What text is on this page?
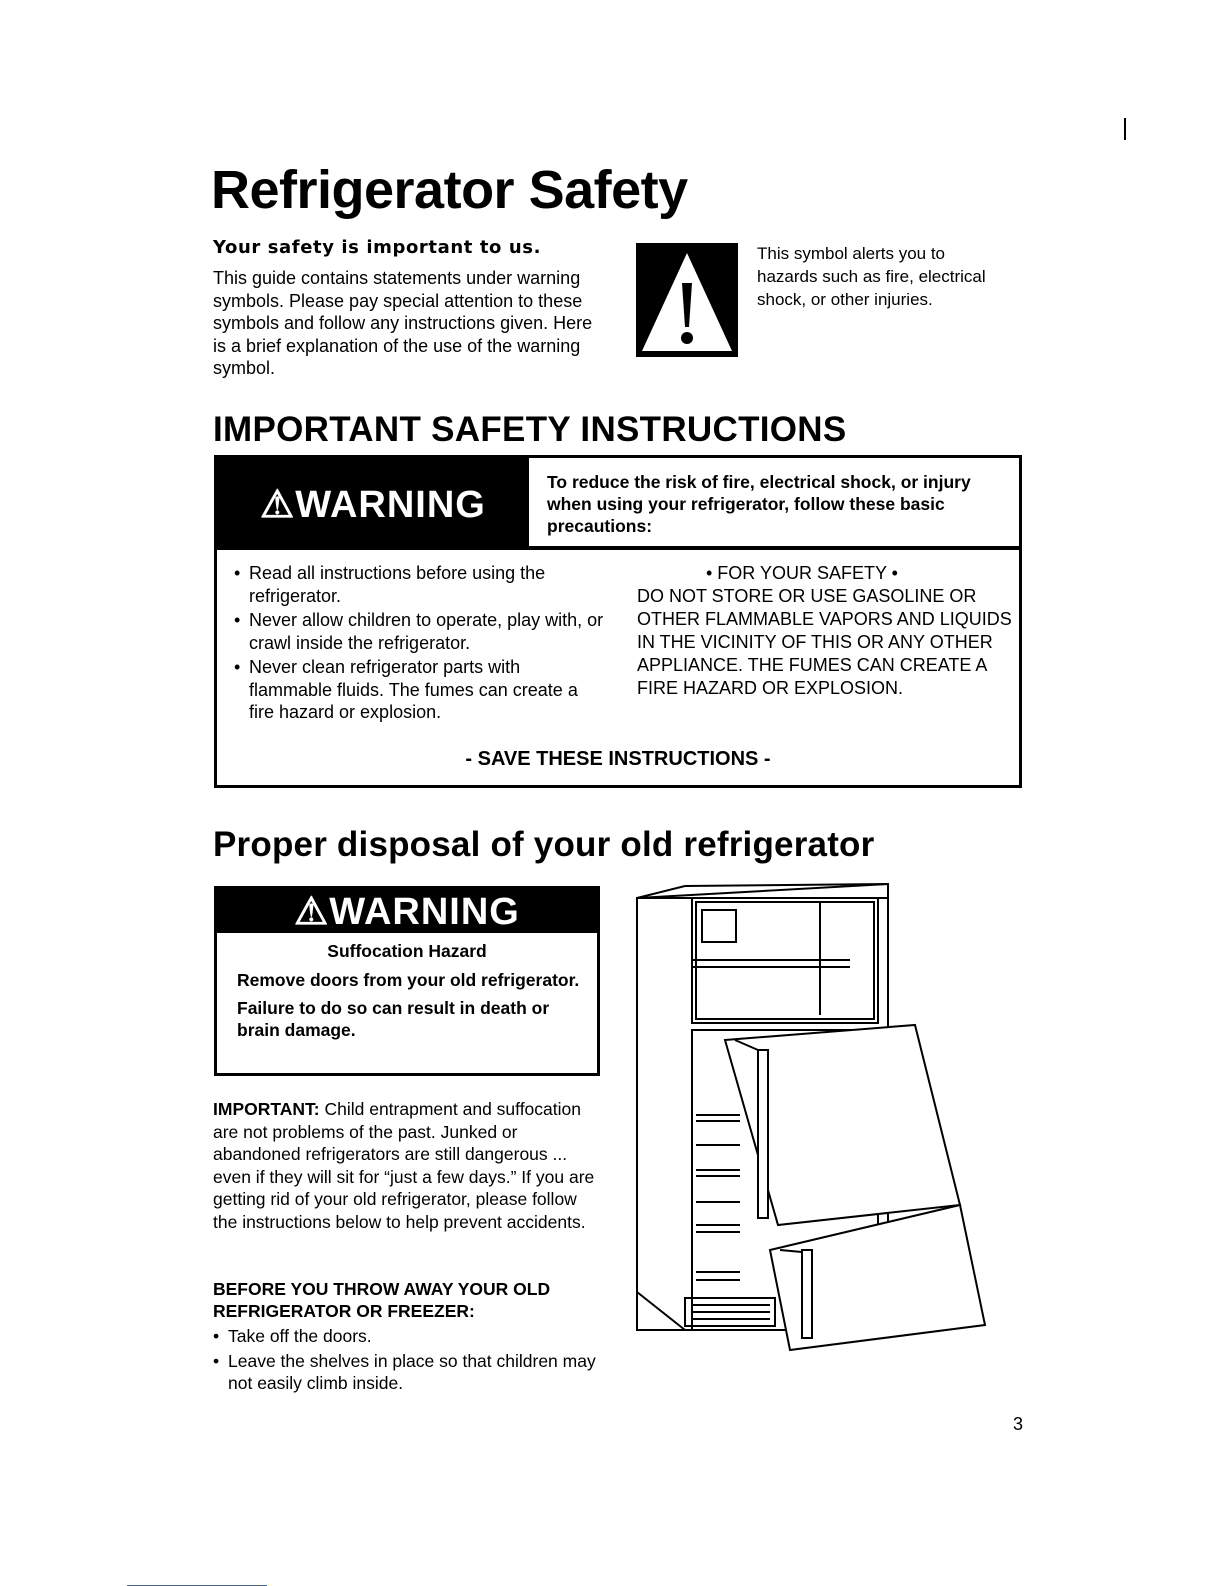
Refrigerator Safety
Your safety is important to us.
This guide contains statements under warning symbols. Please pay special attention to these symbols and follow any instructions given. Here is a brief explanation of the use of the warning symbol.
This symbol alerts you to hazards such as fire, electrical shock, or other injuries.
IMPORTANT SAFETY INSTRUCTIONS
⚠WARNING
To reduce the risk of fire, electrical shock, or injury when using your refrigerator, follow these basic precautions:
• Read all instructions before using the refrigerator.
• Never allow children to operate, play with, or crawl inside the refrigerator.
• Never clean refrigerator parts with flammable fluids. The fumes can create a fire hazard or explosion.
• FOR YOUR SAFETY •
DO NOT STORE OR USE GASOLINE OR OTHER FLAMMABLE VAPORS AND LIQUIDS IN THE VICINITY OF THIS OR ANY OTHER APPLIANCE. THE FUMES CAN CREATE A FIRE HAZARD OR EXPLOSION.
- SAVE THESE INSTRUCTIONS -
Proper disposal of your old refrigerator
⚠WARNING
Suffocation Hazard

Remove doors from your old refrigerator.

Failure to do so can result in death or brain damage.

IMPORTANT: Child entrapment and suffocation are not problems of the past. Junked or abandoned refrigerators are still dangerous ... even if they will sit for “just a few days.” If you are getting rid of your old refrigerator, please follow the instructions below to help prevent accidents.
BEFORE YOU THROW AWAY YOUR OLD REFRIGERATOR OR FREEZER:
• Take off the doors.
• Leave the shelves in place so that children may not easily climb inside.
3
